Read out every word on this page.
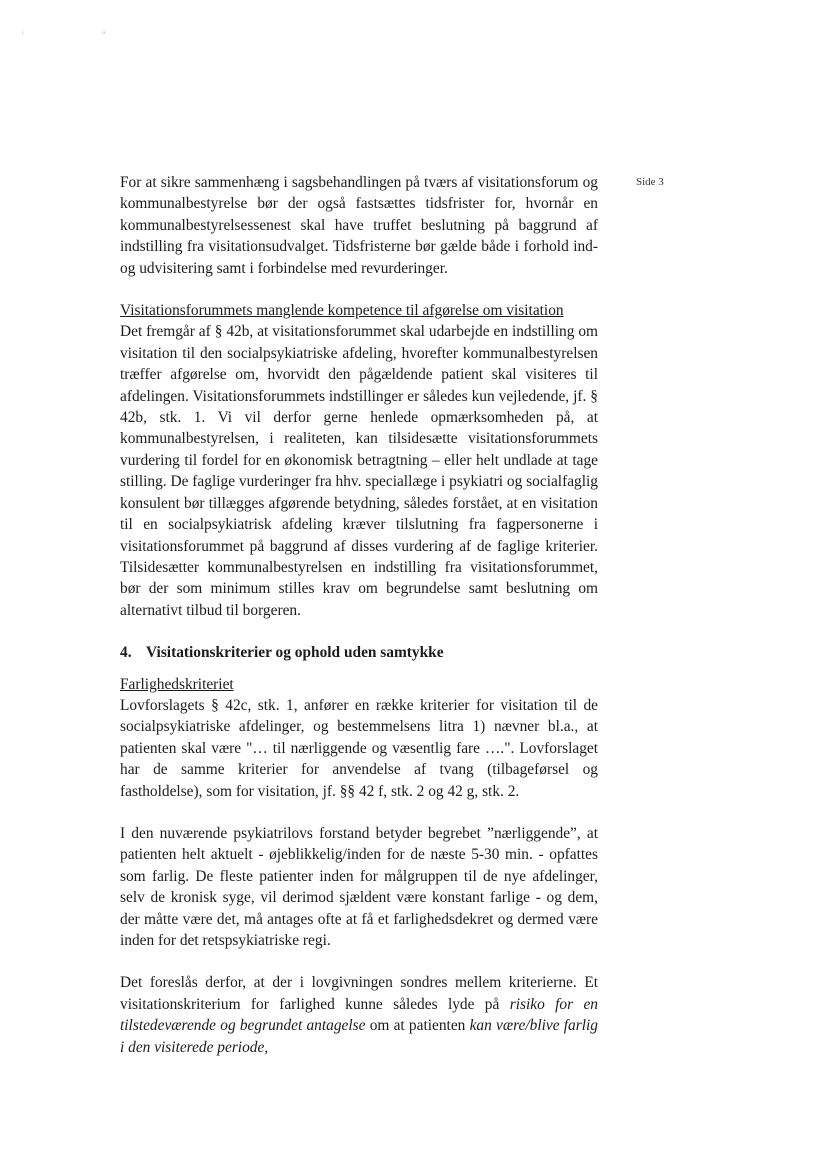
' "
Side 3

For at sikre sammenhæng i sagsbehandlingen på tværs af visitationsforum og kommunalbestyrelse bør der også fastsættes tidsfrister for, hvornår en kommunalbestyrelsessenest skal have truffet beslutning på baggrund af indstilling fra visitationsudvalget. Tidsfristerne bør gælde både i forhold ind- og udvisitering samt i forbindelse med revurderinger.

Visitationsforummets manglende kompetence til afgørelse om visitation

Det fremgår af § 42b, at visitationsforummet skal udarbejde en indstilling om visitation til den socialpsykiatriske afdeling, hvorefter kommunalbestyrelsen træffer afgørelse om, hvorvidt den pågældende patient skal visiteres til afdelingen. Visitationsforummets indstillinger er således kun vejledende, jf. § 42b, stk. 1. Vi vil derfor gerne henlede opmærksomheden på, at kommunalbestyrelsen, i realiteten, kan tilsidesætte visitationsforummets vurdering til fordel for en økonomisk betragtning – eller helt undlade at tage stilling. De faglige vurderinger fra hhv. speciallæge i psykiatri og socialfaglig konsulent bør tillægges afgørende betydning, således forstået, at en visitation til en socialpsykiatrisk afdeling kræver tilslutning fra fagpersonerne i visitationsforummet på baggrund af disses vurdering af de faglige kriterier. Tilsidesætter kommunalbestyrelsen en indstilling fra visitationsforummet, bør der som minimum stilles krav om begrundelse samt beslutning om alternativt tilbud til borgeren.

4. Visitationskriterier og ophold uden samtykke

Farlighedskriteriet

Lovforslagets § 42c, stk. 1, anfører en række kriterier for visitation til de socialpsykiatriske afdelinger, og bestemmelsens litra 1) nævner bl.a., at patienten skal være "… til nærliggende og væsentlig fare ….". Lovforslaget har de samme kriterier for anvendelse af tvang (tilbageførsel og fastholdelse), som for visitation, jf. §§ 42 f, stk. 2 og 42 g, stk. 2.

I den nuværende psykiatrilovs forstand betyder begrebet ”nærliggende”, at patienten helt aktuelt - øjeblikkelig/inden for de næste 5-30 min. - opfattes som farlig. De fleste patienter inden for målgruppen til de nye afdelinger, selv de kronisk syge, vil derimod sjældent være konstant farlige - og dem, der måtte være det, må antages ofte at få et farlighedsdekret og dermed være inden for det retspsykiatriske regi.

Det foreslås derfor, at der i lovgivningen sondres mellem kriterierne. Et visitationskriterium for farlighed kunne således lyde på risiko for en tilstedeværende og begrundet antagelse om at patienten kan være/blive farlig i den visiterede periode,
